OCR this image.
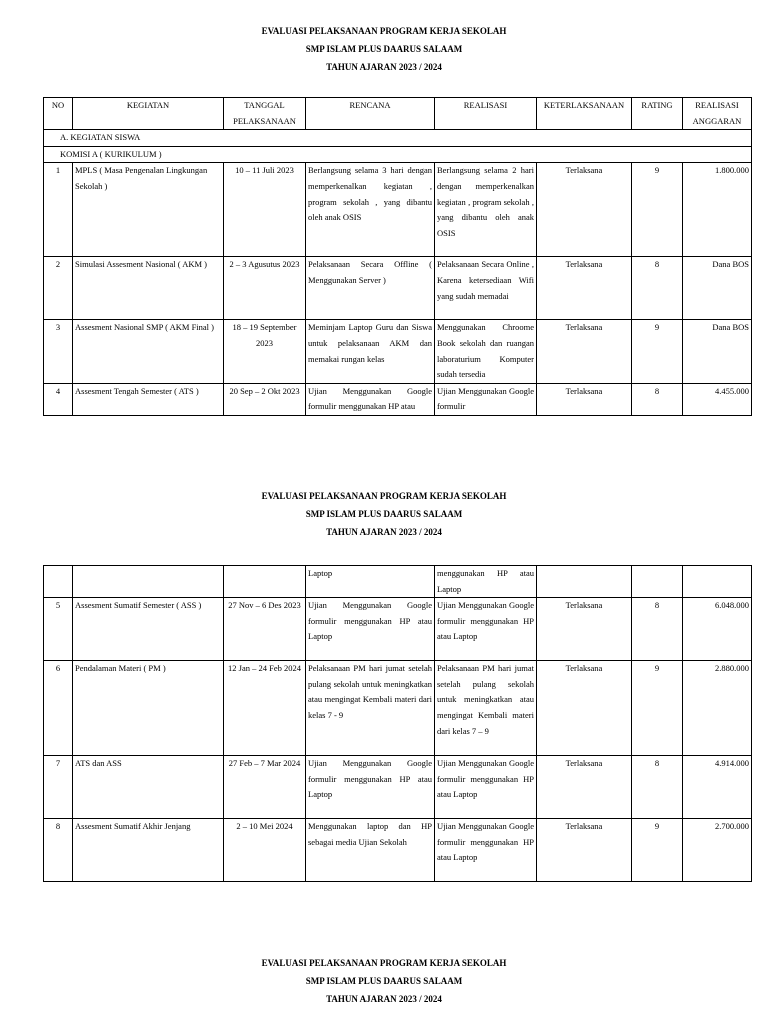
EVALUASI PELAKSANAAN PROGRAM KERJA SEKOLAH
SMP ISLAM PLUS DAARUS SALAAM
TAHUN AJARAN 2023 / 2024
NO	KEGIATAN	TANGGAL PELAKSANAAN	RENCANA	REALISASI	KETERLAKSANAAN	RATING	REALISASI ANGGARAN
A. KEGIATAN SISWA							
KOMISI A ( KURIKULUM )							
1	MPLS ( Masa Pengenalan Lingkungan Sekolah )	10 – 11 Juli 2023	Berlangsung selama 3 hari dengan memperkenalkan kegiatan , program sekolah , yang dibantu oleh anak OSIS	Berlangsung selama 2 hari dengan memperkenalkan kegiatan , program sekolah , yang dibantu oleh anak OSIS	Terlaksana	9	1.800.000
2	Simulasi Assesment Nasional ( AKM )	2 – 3 Agusutus 2023	Pelaksanaan Secara Offline ( Menggunakan Server )	Pelaksanaan Secara Online , Karena ketersediaan Wifi yang sudah memadai	Terlaksana	8	Dana BOS
3	Assesment Nasional SMP ( AKM Final )	18 – 19 September 2023	Meminjam Laptop Guru dan Siswa untuk pelaksanaan AKM dan memakai rungan kelas	Menggunakan Chroome Book sekolah dan ruangan laboraturium Komputer sudah tersedia	Terlaksana	9	Dana BOS
4	Assesment Tengah Semester ( ATS )	20 Sep – 2 Okt 2023	Ujian Menggunakan Google formulir menggunakan HP atau	Ujian Menggunakan Google formulir	Terlaksana	8	4.455.000
EVALUASI PELAKSANAAN PROGRAM KERJA SEKOLAH
SMP ISLAM PLUS DAARUS SALAAM
TAHUN AJARAN 2023 / 2024
			Laptop	menggunakan HP atau Laptop			
5	Assesment Sumatif Semester ( ASS )	27 Nov – 6 Des 2023	Ujian Menggunakan Google formulir menggunakan HP atau Laptop	Ujian Menggunakan Google formulir menggunakan HP atau Laptop	Terlaksana	8	6.048.000
6	Pendalaman Materi ( PM )	12 Jan – 24 Feb 2024	Pelaksanaan PM hari jumat setelah pulang sekolah untuk meningkatkan atau mengingat Kembali materi dari kelas 7 - 9	Pelaksanaan PM hari jumat setelah pulang sekolah untuk meningkatkan atau mengingat Kembali materi dari kelas 7 – 9	Terlaksana	9	2.880.000
7	ATS dan ASS	27 Feb – 7 Mar 2024	Ujian Menggunakan Google formulir menggunakan HP atau Laptop	Ujian Menggunakan Google formulir menggunakan HP atau Laptop	Terlaksana	8	4.914.000
8	Assesment Sumatif Akhir Jenjang	2 – 10 Mei 2024	Menggunakan laptop dan HP sebagai media Ujian Sekolah	Ujian Menggunakan Google formulir menggunakan HP atau Laptop	Terlaksana	9	2.700.000
EVALUASI PELAKSANAAN PROGRAM KERJA SEKOLAH
SMP ISLAM PLUS DAARUS SALAAM
TAHUN AJARAN 2023 / 2024
